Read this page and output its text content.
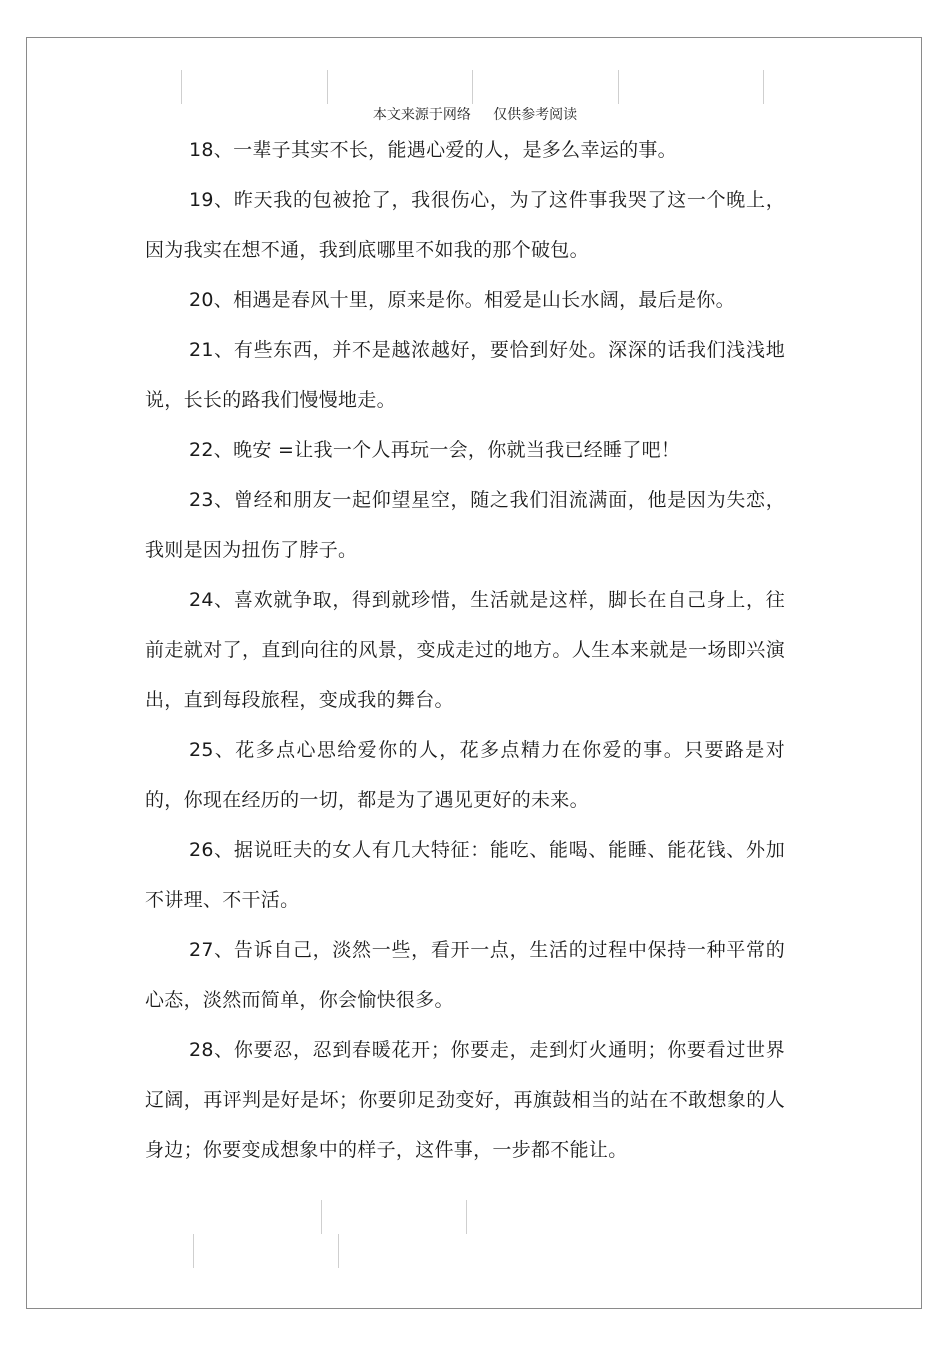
本文来源于网络     仅供参考阅读

18、一辈子其实不长，能遇心爱的人，是多么幸运的事。

19、昨天我的包被抢了，我很伤心，为了这件事我哭了这一个晚上，因为我实在想不通，我到底哪里不如我的那个破包。

20、相遇是春风十里，原来是你。相爱是山长水阔，最后是你。

21、有些东西，并不是越浓越好，要恰到好处。深深的话我们浅浅地说，长长的路我们慢慢地走。

22、晚安 =让我一个人再玩一会，你就当我已经睡了吧！

23、曾经和朋友一起仰望星空，随之我们泪流满面，他是因为失恋，我则是因为扭伤了脖子。

24、喜欢就争取，得到就珍惜，生活就是这样，脚长在自己身上，往前走就对了，直到向往的风景，变成走过的地方。人生本来就是一场即兴演出，直到每段旅程，变成我的舞台。

25、花多点心思给爱你的人，花多点精力在你爱的事。只要路是对的，你现在经历的一切，都是为了遇见更好的未来。

26、据说旺夫的女人有几大特征：能吃、能喝、能睡、能花钱、外加不讲理、不干活。

27、告诉自己，淡然一些，看开一点，生活的过程中保持一种平常的心态，淡然而简单，你会愉快很多。

28、你要忍，忍到春暖花开；你要走，走到灯火通明；你要看过世界辽阔，再评判是好是坏；你要卯足劲变好，再旗鼓相当的站在不敢想象的人身边；你要变成想象中的样子，这件事，一步都不能让。
